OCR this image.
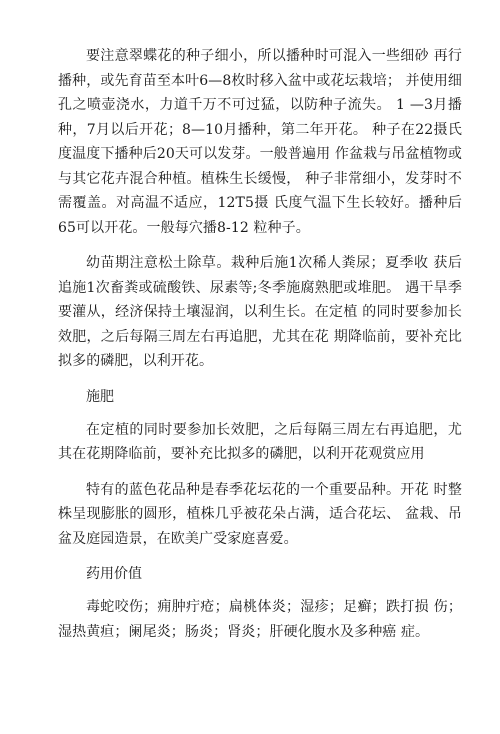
要注意翠蝶花的种子细小，所以播种时可混入一些细砂 再行播种，或先育苗至本叶6—8枚时移入盆中或花坛栽培； 并使用细孔之喷壶浇水，力道千万不可过猛，以防种子流失。 1 —3月播种，7月以后开花；8—10月播种，第二年开花。 种子在22摄氏度温度下播种后20天可以发芽。一般普遍用 作盆栽与吊盆植物或与其它花卉混合种植。植株生长缓慢， 种子非常细小，发芽时不需覆盖。对高温不适应，12T5摄 氏度气温下生长较好。播种后65可以开花。一般每穴播8-12 粒种子。

幼苗期注意松土除草。栽种后施1次稀人粪尿；夏季收 获后追施1次畜粪或硫酸铁、尿素等;冬季施腐熟肥或堆肥。 遇干旱季要灌从，经济保持土壤湿润，以利生长。在定植 的同时要参加长效肥，之后每隔三周左右再追肥，尤其在花 期降临前，要补充比拟多的磷肥，以利开花。

施肥

在定植的同时要参加长效肥，之后每隔三周左右再追肥，尤其在花期降临前，要补充比拟多的磷肥，以利开花观赏应用

特有的蓝色花品种是春季花坛花的一个重要品种。开花 时整株呈现膨胀的圆形，植株几乎被花朵占满，适合花坛、 盆栽、吊盆及庭园造景，在欧美广受家庭喜爱。

药用价值

毒蛇咬伤；痈肿疔疮；扁桃体炎；湿疹；足癣；跌打损 伤；湿热黄疸；阑尾炎；肠炎；肾炎；肝硬化腹水及多种癌 症。
